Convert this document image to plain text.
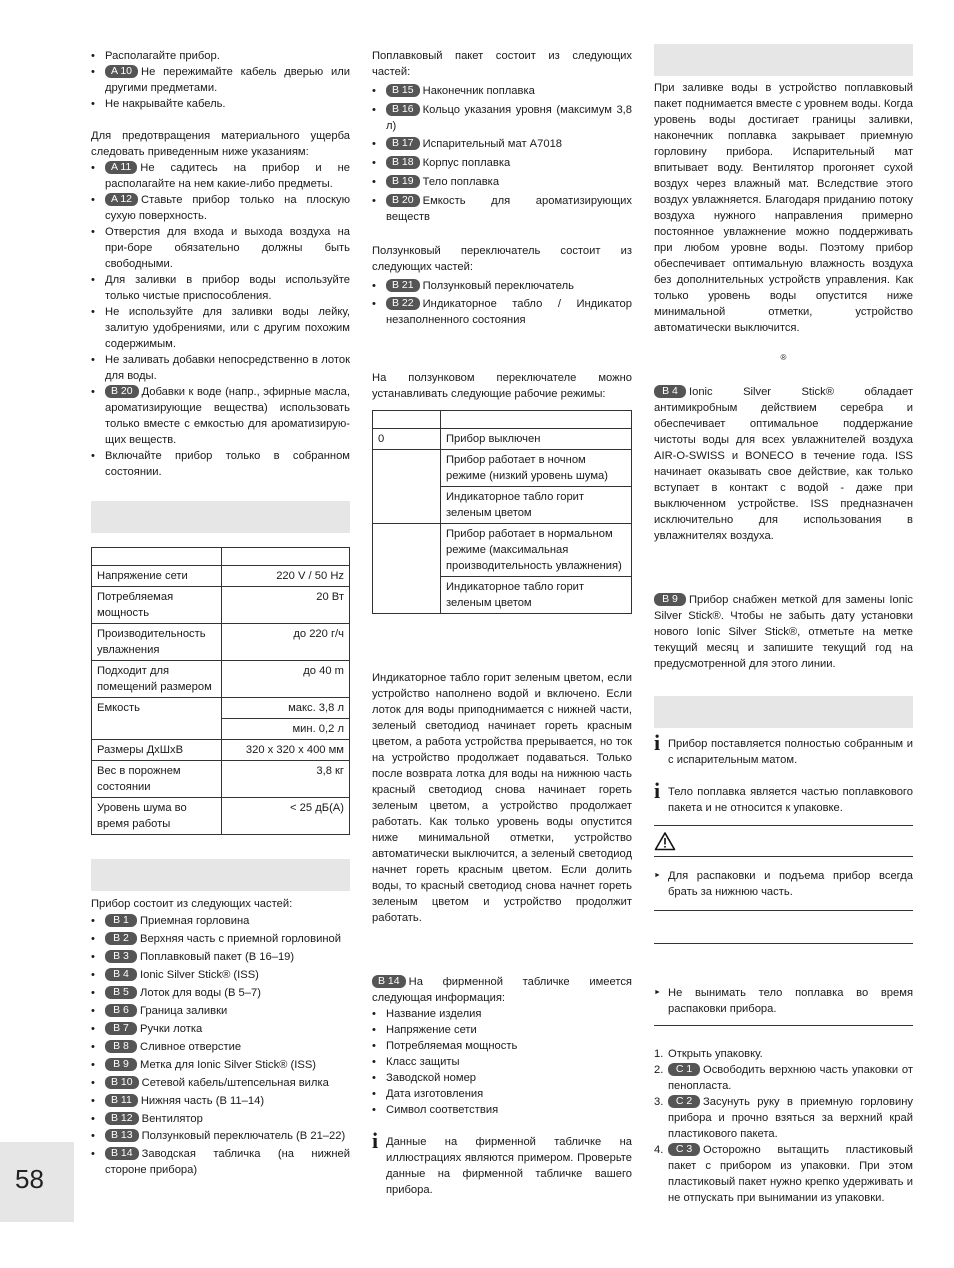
• Располагайте прибор.
• A 10 Не пережимайте кабель дверью или другими предметами.
• Не накрывайте кабель.

Для предотвращения материального ущерба следовать приведенным ниже указаниям:

• A 11 Не садитесь на прибор и не располагайте на нем какие-либо предметы.
• A 12 Ставьте прибор только на плоскую сухую поверхность.
• Отверстия для входа и выхода воздуха на при-боре обязательно должны быть свободными.
• Для заливки в прибор воды используйте только чистые приспособления.
• Не используйте для заливки воды лейку, залитую удобрениями, или с другим похожим содержимым.
• Не заливать добавки непосредственно в лоток для воды.
• B 20 Добавки к воде (напр., эфирные масла, ароматизирующие вещества) использовать только вместе с емкостью для ароматизирую-щих веществ.
• Включайте прибор только в собранном состоянии.

Напряжение сети	220 V / 50 Hz
Потребляемая мощность	20 Вт
Производительность увлажнения	до 220 г/ч
Подходит для помещений размером	до 40 m
Емкость	макс. 3,8 л
	мин. 0,2 л
Размеры ДхШхВ	320 x 320 x 400 мм
Вес в порожнем состоянии	3,8 кг
Уровень шума во время работы	< 25 дБ(А)

Прибор состоит из следующих частей:

• B 1 Приемная горловина
• B 2 Верхняя часть с приемной горловиной
• B 3 Поплавковый пакет (B 16–19)
• B 4 Ionic Silver Stick® (ISS)
• B 5 Лоток для воды (B 5–7)
• B 6 Граница заливки
• B 7 Ручки лотка
• B 8 Сливное отверстие
• B 9 Метка для Ionic Silver Stick® (ISS)
• B 10 Сетевой кабель/штепсельная вилка
• B 11 Нижняя часть (B 11–14)
• B 12 Вентилятор
• B 13 Ползунковый переключатель (B 21–22)
• B 14 Заводская табличка (на нижней стороне прибора)

Поплавковый пакет состоит из следующих частей:

• B 15 Наконечник поплавка
• B 16 Кольцо указания уровня (максимум 3,8 л)
• B 17 Испарительный мат A7018
• B 18 Корпус поплавка
• B 19 Тело поплавка
• B 20 Емкость для ароматизирующих веществ

Ползунковый переключатель состоит из следующих частей:

• B 21 Ползунковый переключатель
• B 22 Индикаторное табло / Индикатор незаполненного состояния

На ползунковом переключателе можно устанавливать следующие рабочие режимы:

0	Прибор выключен
	Прибор работает в ночном режиме (низкий уровень шума)
	Индикаторное табло горит зеленым цветом
	Прибор работает в нормальном режиме (максимальная производительность увлажнения)
	Индикаторное табло горит зеленым цветом

Индикаторное табло горит зеленым цветом, если устройство наполнено водой и включено. Если лоток для воды приподнимается с нижней части, зеленый светодиод начинает гореть красным цветом, а работа устройства прерывается, но ток на устройство продолжает подаваться. Только после возврата лотка для воды на нижнюю часть красный светодиод снова начинает гореть зеленым цветом, а устройство продолжает работать. Как только уровень воды опустится ниже минимальной отметки, устройство автоматически выключится, а зеленый светодиод начнет гореть красным цветом. Если долить воды, то красный светодиод снова начнет гореть зеленым цветом и устройство продолжит работать.

B 14 На фирменной табличке имеется следующая информация:

• Название изделия
• Напряжение сети
• Потребляемая мощность
• Класс защиты
• Заводской номер
• Дата изготовления
• Символ соответствия
i Данные на фирменной табличке на иллюстрациях являются примером. Проверьте данные на фирменной табличке вашего прибора.

При заливке воды в устройство поплавковый пакет поднимается вместе с уровнем воды. Когда уровень воды достигает границы заливки, наконечник поплавка закрывает приемную горловину прибора. Испарительный мат впитывает воду. Вентилятор прогоняет сухой воздух через влажный мат. Вследствие этого воздух увлажняется. Благодаря приданию потоку воздуха нужного направления примерно постоянное увлажнение можно поддерживать при любом уровне воды. Поэтому прибор обеспечивает оптимальную влажность воздуха без дополнительных устройств управления. Как только уровень воды опустится ниже минимальной отметки, устройство автоматически выключится.

®

B 4 Ionic Silver Stick® обладает антимикробным действием серебра и обеспечивает оптимальное поддержание чистоты воды для всех увлажнителей воздуха AIR-O-SWISS и BONECO в течение года. ISS начинает оказывать свое действие, как только вступает в контакт с водой - даже при выключенном устройстве. ISS предназначен исключительно для использования в увлажнителях воздуха.

B 9 Прибор снабжен меткой для замены Ionic Silver Stick®. Чтобы не забыть дату установки нового Ionic Silver Stick®, отметьте на метке текущий месяц и запишите текущий год на предусмотренной для этого линии.

i Прибор поставляется полностью собранным и с испарительным матом.
i Тело поплавка является частью поплавкового пакета и не относится к упаковке.
► Для распаковки и подъема прибор всегда брать за нижнюю часть.
► Не вынимать тело поплавка во время распаковки прибора.
1. Открыть упаковку.
2. C 1 Освободить верхнюю часть упаковки от пенопласта.
3. C 2 Засунуть руку в приемную горловину прибора и прочно взяться за верхний край пластикового пакета.
4. C 3 Осторожно вытащить пластиковый пакет с прибором из упаковки. При этом пластиковый пакет нужно крепко удерживать и не отпускать при вынимании из упаковки.
58
